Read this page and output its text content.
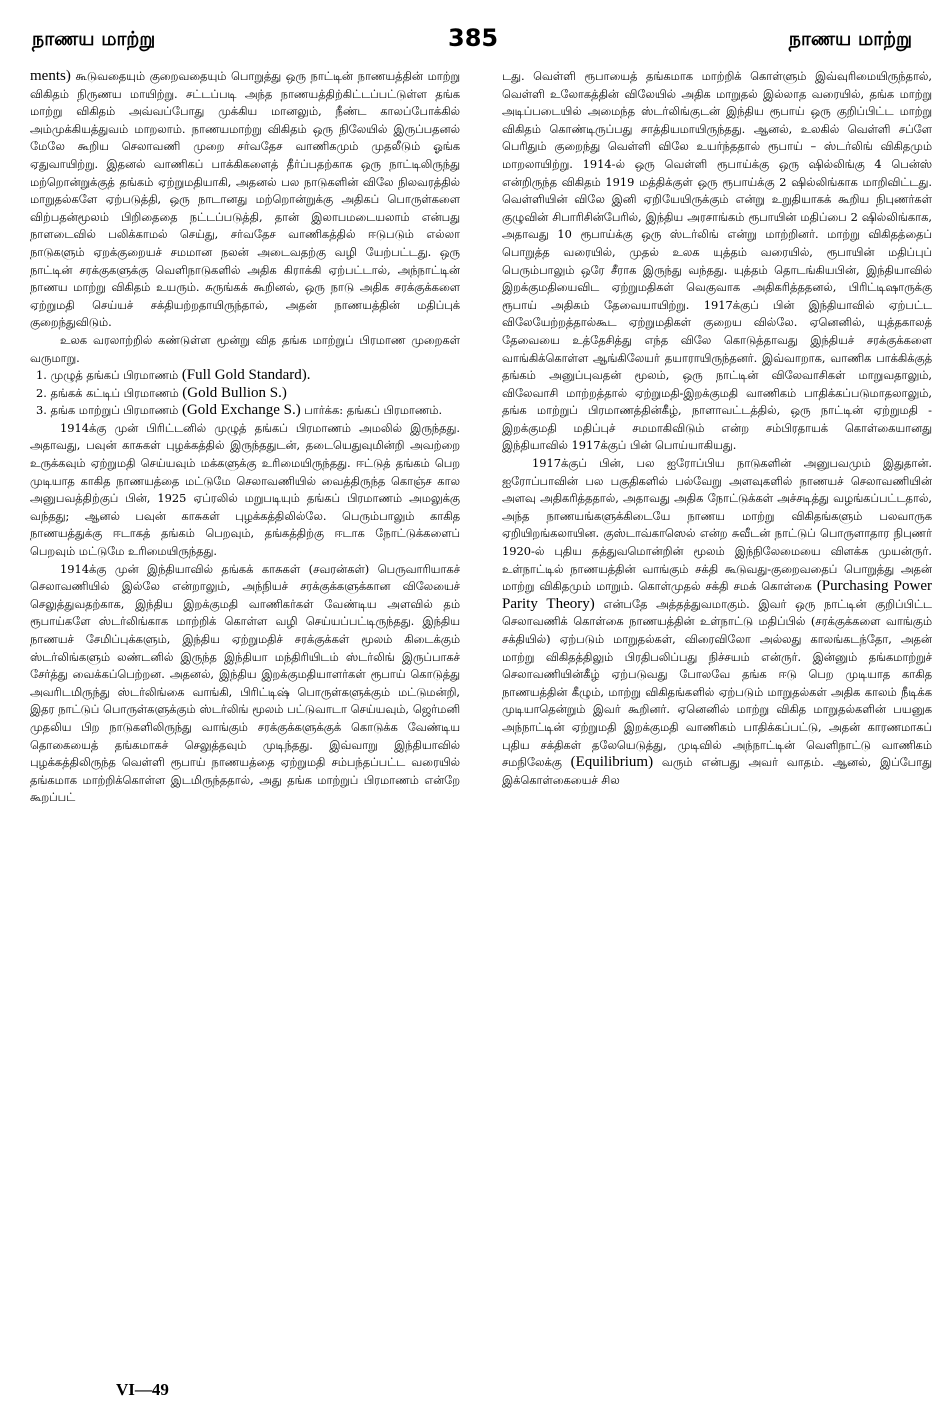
நாணய மாற்று	385	நாணய மாற்று

ments) கூடுவதையும் குறைவதையும் பொறுத்து ஒரு நாட்டின் நாணயத்தின் மாற்று விகிதம் நிருணய மாயிற்று. சட்டப்படி அந்த நாணயத்திற்கிட்டப்பட்டுள்ள தங்க மாற்று விகிதம் அவ்வப்போது முக்கிய மானலும், நீண்ட காலப்போக்கில் அம்முக்கியத்துவம் மாறலாம். நாணயமாற்று விகிதம் ஒரு நிலேயில் இருப்பதனல் மேலே கூறிய செலாவணி முறை சர்வதேச வாணிகமும் முதலீடும் ஓங்க ஏதுவாயிற்று. இதனல் வாணிகப் பாக்கிகளைத் தீர்ப்பதற்காக ஒரு நாட்டிலிருந்து மற்றொன்றுக்குத் தங்கம் ஏற்றுமதியாகி, அதனல் பல நாடுகளின் விலே நிலவரத்தில் மாறுதல்களே ஏற்படுத்தி, ஒரு நாடானது மற்றொன்றுக்கு அதிகப் பொருள்களை விற்பதன்மூலம் பிறிதைதை நட்டப்படுத்தி, தான் இலாபமடையலாம் என்பது நாளடைவில் பலிக்காமல் செய்து, சர்வதேச வாணிகத்தில் ஈடுபடும் எல்லா நாடுகளும் ஏறக்குறையச் சமமான நலன் அடைவதற்கு வழி யேற்பட்டது. ஒரு நாட்டின் சரக்குகளுக்கு வெளிநாடுகளில் அதிக கிராக்கி ஏற்பட்டால், அந்நாட்டின் நாணய மாற்று விகிதம் உயரும். சுருங்கக் கூறினல், ஒரு நாடு அதிக சரக்குக்களை ஏற்றுமதி செய்யச் சக்தியற்றதாயிருந்தால், அதன் நாணயத்தின் மதிப்புக் குறைந்துவிடும்.

உலக வரலாற்றில் கண்டுள்ள மூன்று வித தங்க மாற்றுப் பிரமாண முறைகள் வருமாறு.

1. முழுத் தங்கப் பிரமாணம் (Full Gold Standard).

2. தங்கக் கட்டிப் பிரமாணம் (Gold Bullion S.)

3. தங்க மாற்றுப் பிரமாணம் (Gold Exchange S.) பார்க்க: தங்கப் பிரமாணம்.

1914க்கு முன் பிரிட்டனில் முழுத் தங்கப் பிரமாணம் அமலில் இருந்தது. அதாவது, பவுன் காசுகள் புழக்கத்தில் இருந்ததுடன், தடையெதுவுமின்றி அவற்றை உருக்கவும் ஏற்றுமதி செய்யவும் மக்களுக்கு உரிமையிருந்தது. ஈட்டுத் தங்கம் பெற முடியாத காகித நாணயத்தை மட்டுமே செலாவணியில் வைத்திருந்த கொஞ்ச கால அனுபவத்திற்குப் பின், 1925 ஏப்ரலில் மறுபடியும் தங்கப் பிரமாணம் அமலுக்கு வந்தது; ஆனல் பவுன் காசுகள் புழக்கத்திலில்லே. பெரும்பாலும் காகித நாணயத்துக்கு ஈடாகத் தங்கம் பெறவும், தங்கத்திற்கு ஈடாக நோட்டுக்களைப் பெறவும் மட்டுமே உரிமையிருந்தது.

1914க்கு முன் இந்தியாவில் தங்கக் காசுகள் (சவரன்கள்) பெருவாரியாகச் செலாவணியில் இல்லே என்றாலும், அந்நியச் சரக்குக்களுக்கான விலேயைச் செலுத்துவதற்காக, இந்திய இறக்குமதி வாணிகர்கள் வேண்டிய அளவில் தம் ரூபாய்களே ஸ்டர்லிங்காக மாற்றிக் கொள்ள வழி செய்யப்பட்டிருந்தது. இந்திய நாணயச் சேமிப்புக்களும், இந்திய ஏற்றுமதிச் சரக்குக்கள் மூலம் கிடைக்கும் ஸ்டர்லிங்களும் லண்டனில் இருந்த இந்தியா மந்திரியிடம் ஸ்டர்லிங் இருப்பாகச் சேர்த்து வைக்கப்பெற்றன. அதனல், இந்திய இறக்குமதியாளர்கள் ரூபாய் கொடுத்து அவரிடமிருந்து ஸ்டர்லிங்கை வாங்கி, பிரிட்டிஷ் பொருள்களுக்கும் மட்டுமன்றி, இதர நாட்டுப் பொருள்களுக்கும் ஸ்டர்லிங் மூலம் பட்டுவாடா செய்யவும், ஜெர்மனி முதலிய பிற நாடுகளிலிருந்து வாங்கும் சரக்குக்களுக்குக் கொடுக்க வேண்டிய தொகையைத் தங்கமாகச் செலுத்தவும் முடிந்தது. இவ்வாறு இந்தியாவில் புழக்கத்திலிருந்த வெள்ளி ரூபாய் நாணயத்தை ஏற்றுமதி சம்பந்தப்பட்ட வரையில் தங்கமாக மாற்றிக்கொள்ள இடமிருந்ததால், அது தங்க மாற்றுப் பிரமாணம் என்றே கூறப்பட்

டது. வெள்ளி ரூபாயைத் தங்கமாக மாற்றிக் கொள்ளும் இவ்வுரிமையிருந்தால், வெள்ளி உலோகத்தின் விலேயில் அதிக மாறுதல் இல்லாத வரையில், தங்க மாற்று அடிப்படையில் அமைந்த ஸ்டர்லிங்குடன் இந்திய ரூபாய் ஒரு குறிப்பிட்ட மாற்று விகிதம் கொண்டிருப்பது சாத்தியமாயிருந்தது. ஆனல், உலகில் வெள்ளி சப்ளே பெரிதும் குறைந்து வெள்ளி விலே உயர்ந்ததால் ரூபாய் – ஸ்டர்லிங் விகிதமும் மாறலாயிற்று. 1914-ல் ஒரு வெள்ளி ரூபாய்க்கு ஒரு ஷில்லிங்கு 4 பென்ஸ் என்றிருந்த விகிதம் 1919 மத்திக்குள் ஒரு ரூபாய்க்கு 2 ஷில்லிங்காக மாறிவிட்டது. வெள்ளியின் விலே இனி ஏறியேயிருக்கும் என்று உறுதியாகக் கூறிய நிபுணர்கள் குழுவின் சிபாரிசின்பேரில், இந்திய அரசாங்கம் ரூபாயின் மதிப்பை 2 ஷில்லிங்காக, அதாவது 10 ரூபாய்க்கு ஒரு ஸ்டர்லிங் என்று மாற்றினர். மாற்று விகிதத்தைப் பொறுத்த வரையில், முதல் உலக யுத்தம் வரையில், ரூபாயின் மதிப்புப் பெரும்பாலும் ஒரே சீராக இருந்து வந்தது. யுத்தம் தொடங்கியபின், இந்தியாவில் இறக்குமதியைவிட ஏற்றுமதிகள் வெகுவாக அதிகரித்ததனல், பிரிட்டிஷாருக்கு ரூபாய் அதிகம் தேவையாயிற்று. 1917க்குப் பின் இந்தியாவில் ஏற்பட்ட விலேயேற்றத்தால்கூட ஏற்றுமதிகள் குறைய வில்லே. ஏனெனில், யுத்தகாலத் தேவையை உத்தேசித்து எந்த விலே கொடுத்தாவது இந்தியச் சரக்குக்களை வாங்கிக்கொள்ள ஆங்கிலேயர் தயாராயிருந்தனர். இவ்வாறாக, வாணிக பாக்கிக்குத் தங்கம் அனுப்புவதன் மூலம், ஒரு நாட்டின் விலேவாசிகள் மாறுவதாலும், விலேவாசி மாற்றத்தால் ஏற்றுமதி-இறக்குமதி வாணிகம் பாதிக்கப்படுமாதலாலும், தங்க மாற்றுப் பிரமாணத்தின்கீழ், நாளாவட்டத்தில், ஒரு நாட்டின் ஏற்றுமதி - இறக்குமதி மதிப்புச் சமமாகிவிடும் என்ற சம்பிரதாயக் கொள்கையானது இந்தியாவில் 1917க்குப் பின் பொய்யாகியது.

1917க்குப் பின், பல ஐரோப்பிய நாடுகளின் அனுபவமும் இதுதான். ஐரோப்பாவின் பல பகுதிகளில் பல்வேறு அளவுகளில் நாணயச் செலாவணியின் அளவு அதிகரித்ததால், அதாவது அதிக நோட்டுக்கள் அச்சடித்து வழங்கப்பட்டதால், அந்த நாணயங்களுக்கிடையே நாணய மாற்று விகிதங்களும் பலவாருக ஏறியிறங்கலாயின. குஸ்டாவ்காஸெல் என்ற சுவீடன் நாட்டுப் பொருளாதார நிபுணர் 1920-ல் புதிய தத்துவமொன்றின் மூலம் இந்நிலேமையை விளக்க முயன்ருர். உள்நாட்டில் நாணயத்தின் வாங்கும் சக்தி கூடுவது-குறைவதைப் பொறுத்து அதன் மாற்று விகிதமும் மாறும். கொள்முதல் சக்தி சமக் கொள்கை (Purchasing Power Parity Theory) என்பதே அத்தத்துவமாகும். இவர் ஒரு நாட்டின் குறிப்பிட்ட செலாவணிக் கொள்கை நாணயத்தின் உள்நாட்டு மதிப்பில் (சரக்குக்களை வாங்கும் சக்தியில்) ஏற்படும் மாறுதல்கள், விரைவிலோ அல்லது காலங்கடந்தோ, அதன் மாற்று விகிதத்திலும் பிரதிபலிப்பது நிச்சயம் என்ருர். இன்னும் தங்கமாற்றுச் செலாவணியின்கீழ் ஏற்படுவது போலவே தங்க ஈடு பெற முடியாத காகித நாணயத்தின் கீழும், மாற்று விகிதங்களில் ஏற்படும் மாறுதல்கள் அதிக காலம் நீடிக்க முடியாதென்றும் இவர் கூறினர். ஏனெனில் மாற்று விகித மாறுதல்களின் பயனுக அந்நாட்டின் ஏற்றுமதி இறக்குமதி வாணிகம் பாதிக்கப்பட்டு, அதன் காரணமாகப் புதிய சக்திகள் தலேயெடுத்து, முடிவில் அந்நாட்டின் வெளிநாட்டு வாணிகம் சமநிலேக்கு (Equilibrium) வரும் என்பது அவர் வாதம். ஆனல், இப்போது இக்கொள்கையைச் சில

VI—49
